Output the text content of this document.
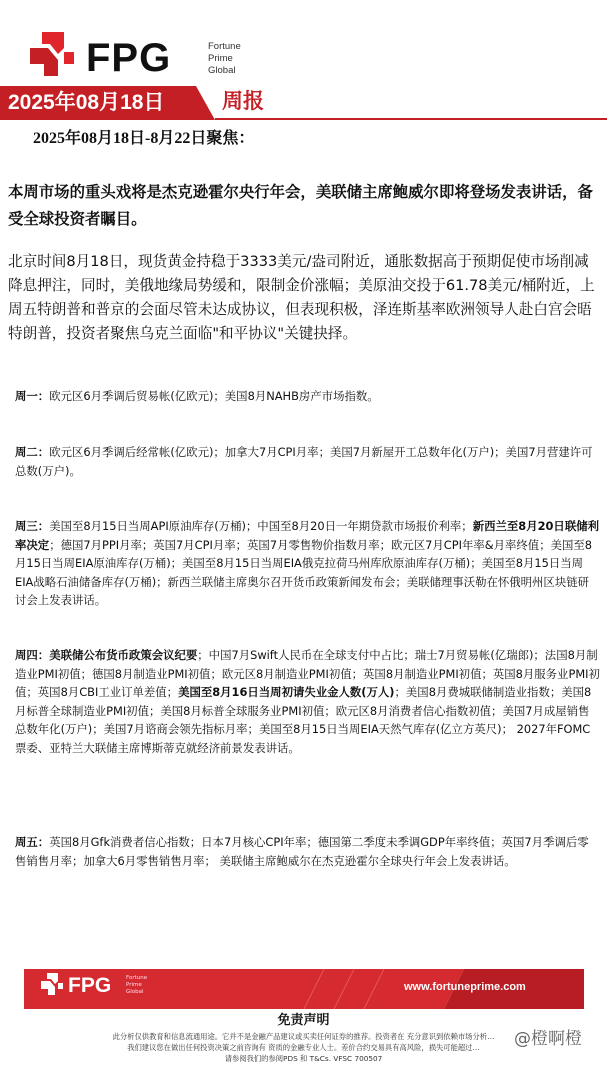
FPG	Fortune
Prime
Global
2025年08月18日	周报
2025年08月18日-8月22日聚焦：
本周市场的重头戏将是杰克逊霍尔央行年会，美联储主席鲍威尔即将登场发表讲话，备受全球投资者瞩目。
北京时间8月18日，现货黄金持稳于3333美元/盎司附近，通胀数据高于预期促使市场削减降息押注，同时，美俄地缘局势缓和，限制金价涨幅；美原油交投于61.78美元/桶附近，上周五特朗普和普京的会面尽管未达成协议，但表现积极，泽连斯基率欧洲领导人赴白宫会晤特朗普，投资者聚焦乌克兰面临"和平协议"关键抉择。
周一：欧元区6月季调后贸易帐(亿欧元)；美国8月NAHB房产市场指数。
周二：欧元区6月季调后经常帐(亿欧元)；加拿大7月CPI月率；美国7月新屋开工总数年化(万户)；美国7月营建许可总数(万户)。
周三：美国至8月15日当周API原油库存(万桶)；中国至8月20日一年期贷款市场报价利率；新西兰至8月20日联储利率决定；德国7月PPI月率；英国7月CPI月率；英国7月零售物价指数月率；欧元区7月CPI年率&月率终值；美国至8月15日当周EIA原油库存(万桶)；美国至8月15日当周EIA俄克拉荷马州库欣原油库存(万桶)；美国至8月15日当周EIA战略石油储备库存(万桶)；新西兰联储主席奥尔召开货币政策新闻发布会；美联储理事沃勒在怀俄明州区块链研讨会上发表讲话。
周四：美联储公布货币政策会议纪要；中国7月Swift人民币在全球支付中占比；瑞士7月贸易帐(亿瑞郎)；法国8月制造业PMI初值；德国8月制造业PMI初值；欧元区8月制造业PMI初值；英国8月制造业PMI初值；英国8月服务业PMI初值；英国8月CBI工业订单差值；美国至8月16日当周初请失业金人数(万人)；美国8月费城联储制造业指数；美国8月标普全球制造业PMI初值；美国8月标普全球服务业PMI初值；欧元区8月消费者信心指数初值；美国7月成屋销售总数年化(万户)；美国7月谘商会领先指标月率；美国至8月15日当周EIA天然气库存(亿立方英尺)； 2027年FOMC票委、亚特兰大联储主席博斯蒂克就经济前景发表讲话。
周五：英国8月Gfk消费者信心指数；日本7月核心CPI年率；德国第二季度未季调GDP年率终值；英国7月季调后零售销售月率；加拿大6月零售销售月率； 美联储主席鲍威尔在杰克逊霍尔全球央行年会上发表讲话。
FPG	Fortune
Prime
Global	www.fortuneprime.com
免责声明
此分析仅供教育和信息流通用途。它并不是金融产品建议或买卖任何证券的推荐。投资者在 充分意识到依赖市场分析…
我们建议您在做出任何投资决策之前咨询有 资质的金融专业人士。差价合约交易具有高风险，损失可能超过…
请参阅我们的参阅PDS 和 T&Cs. VFSC 700507
@橙啊橙
